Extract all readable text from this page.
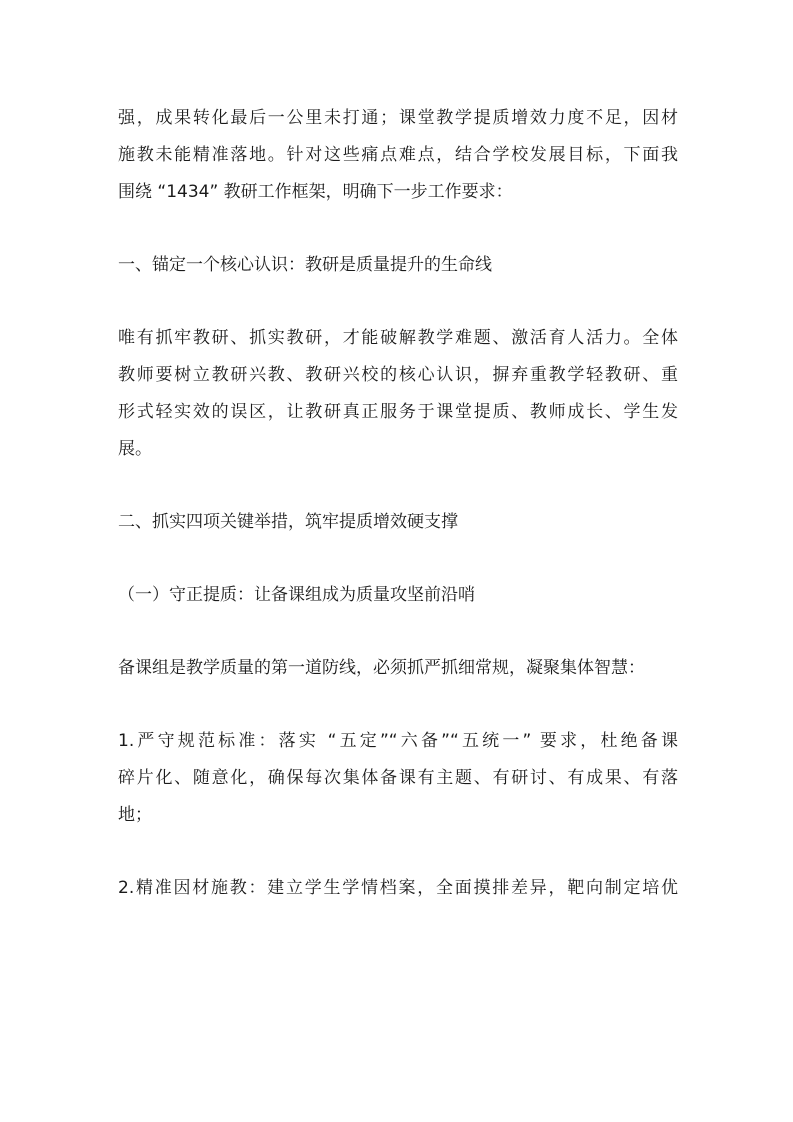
强，成果转化最后一公里未打通；课堂教学提质增效力度不足，因材
施教未能精准落地。针对这些痛点难点，结合学校发展目标，下面我
围绕 “1434” 教研工作框架，明确下一步工作要求：
一、锚定一个核心认识：教研是质量提升的生命线
唯有抓牢教研、抓实教研，才能破解教学难题、激活育人活力。全体
教师要树立教研兴教、教研兴校的核心认识，摒弃重教学轻教研、重
形式轻实效的误区，让教研真正服务于课堂提质、教师成长、学生发
展。
二、抓实四项关键举措，筑牢提质增效硬支撑
（一）守正提质：让备课组成为质量攻坚前沿哨
备课组是教学质量的第一道防线，必须抓严抓细常规，凝聚集体智慧：
1.严守规范标准：落实 “五定”“六备”“五统一” 要求，杜绝备课
碎片化、随意化，确保每次集体备课有主题、有研讨、有成果、有落
地；
2.精准因材施教：建立学生学情档案，全面摸排差异，靶向制定培优
